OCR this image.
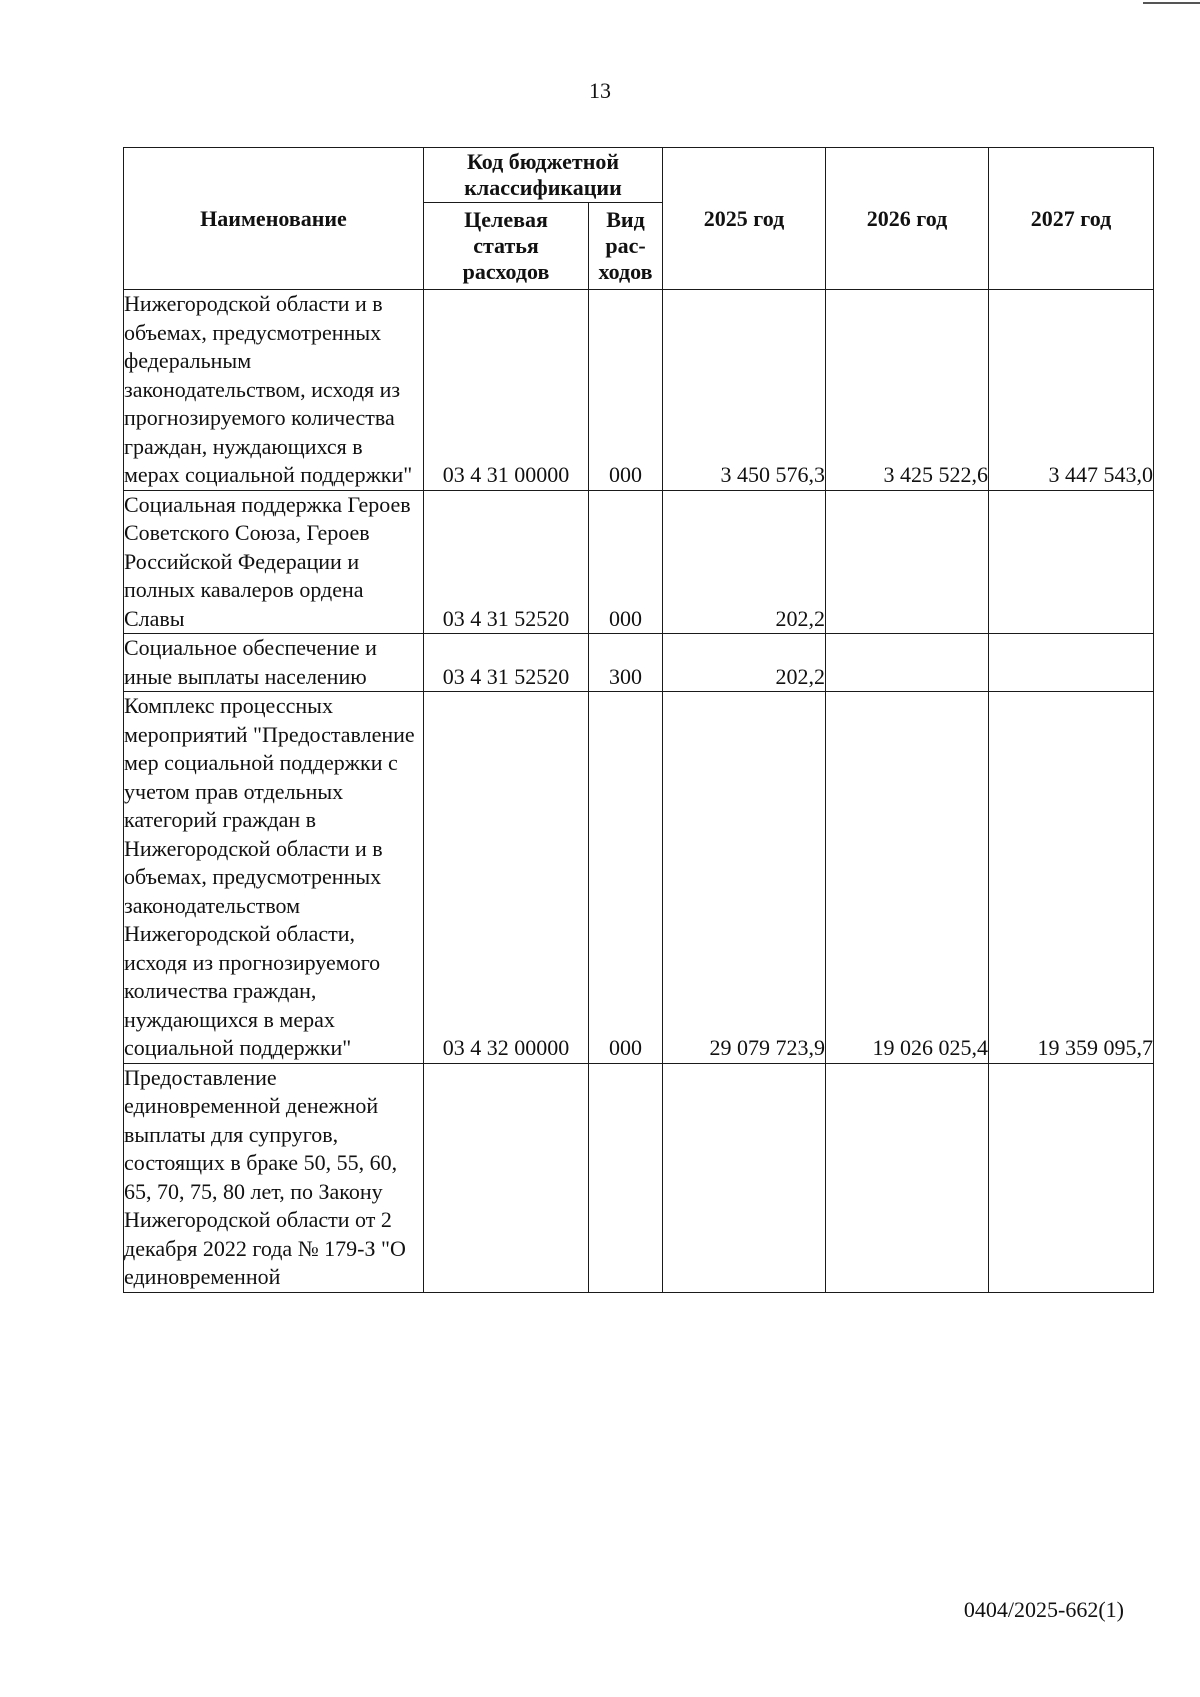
13
Наименование	Код бюджетной классификации		2025 год	2026 год	2027 год
	Целевая статья расходов	Вид рас-ходов			
Нижегородской области и в объемах, предусмотренных федеральным законодательством, исходя из прогнозируемого количества граждан, нуждающихся в мерах социальной поддержки"	03 4 31 00000	000	3 450 576,3	3 425 522,6	3 447 543,0
Социальная поддержка Героев Советского Союза, Героев Российской Федерации и полных кавалеров ордена Славы	03 4 31 52520	000	202,2		
Социальное обеспечение и иные выплаты населению	03 4 31 52520	300	202,2		
Комплекс процессных мероприятий "Предоставление мер социальной поддержки с учетом прав отдельных категорий граждан в Нижегородской области и в объемах, предусмотренных законодательством Нижегородской области, исходя из прогнозируемого количества граждан, нуждающихся в мерах социальной поддержки"	03 4 32 00000	000	29 079 723,9	19 026 025,4	19 359 095,7
Предоставление единовременной денежной выплаты для супругов, состоящих в браке 50, 55, 60, 65, 70, 75, 80 лет, по Закону Нижегородской области от 2 декабря 2022 года № 179-З "О единовременной					
0404/2025-662(1)
